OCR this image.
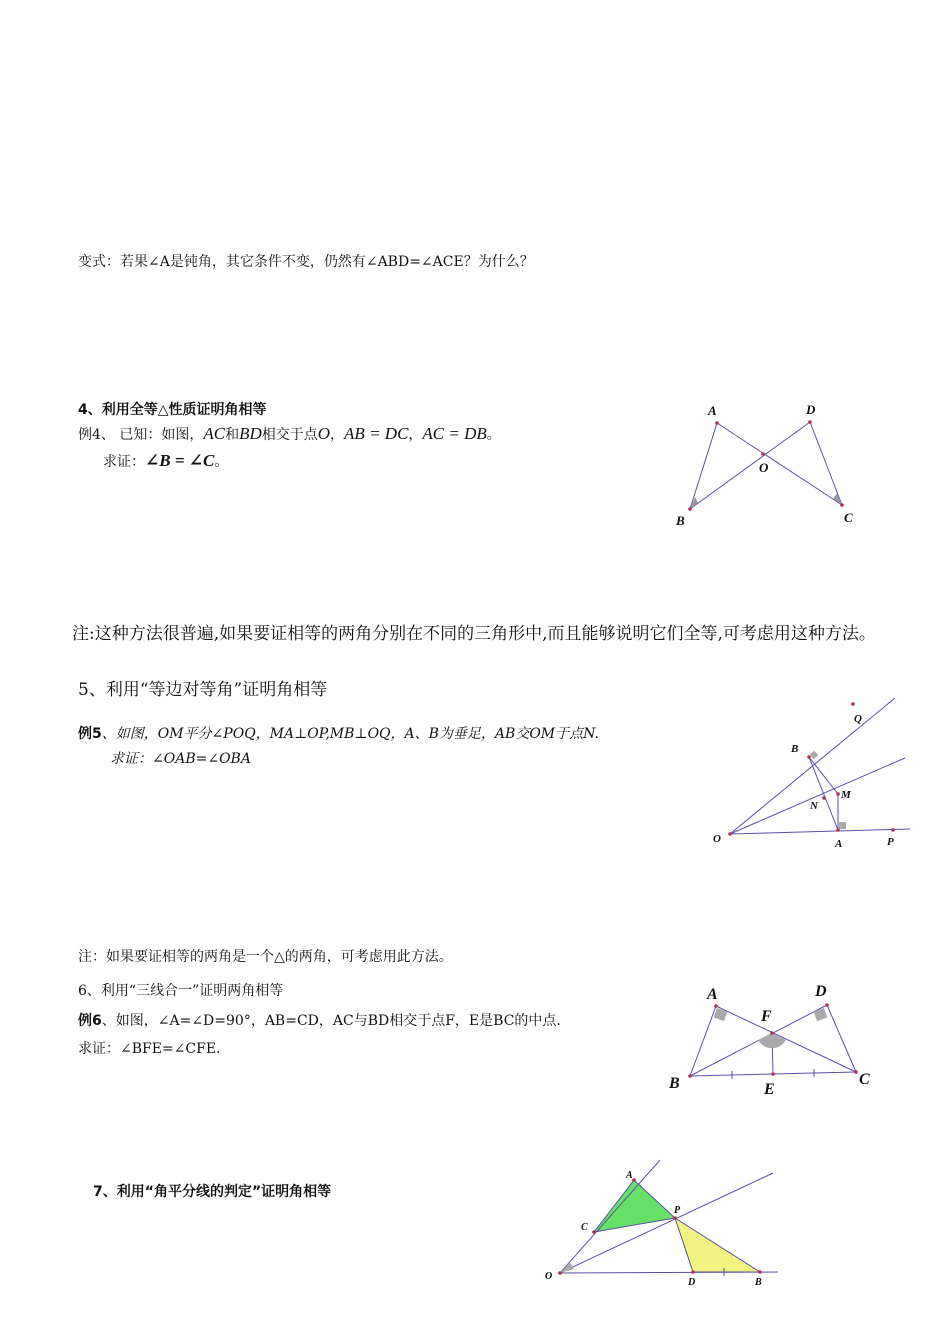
变式：若果∠A是钝角，其它条件不变，仍然有∠ABD=∠ACE？为什么？
4、利用全等△性质证明角相等
例4、 已知：如图，AC和BD相交于点O，AB = DC，AC = DB。
求证：∠B = ∠C。
A	D
O
B	C
注:这种方法很普遍,如果要证相等的两角分别在不同的三角形中,而且能够说明它们全等,可考虑用这种方法。
5、利用“等边对等角”证明角相等
例5、如图，OM平分∠POQ，MA⊥OP,MB⊥OQ，A、B为垂足，AB交OM于点N.
求证：∠OAB=∠OBA
Q
B
M
N
O	A	P
注：如果要证相等的两角是一个△的两角，可考虑用此方法。
6、利用“三线合一”证明两角相等
例6、如图，∠A=∠D=90°，AB=CD，AC与BD相交于点F，E是BC的中点.
求证：∠BFE=∠CFE.
A	D
F
B	C
E
7、利用“角平分线的判定”证明角相等
A
C
P
O
D	B
